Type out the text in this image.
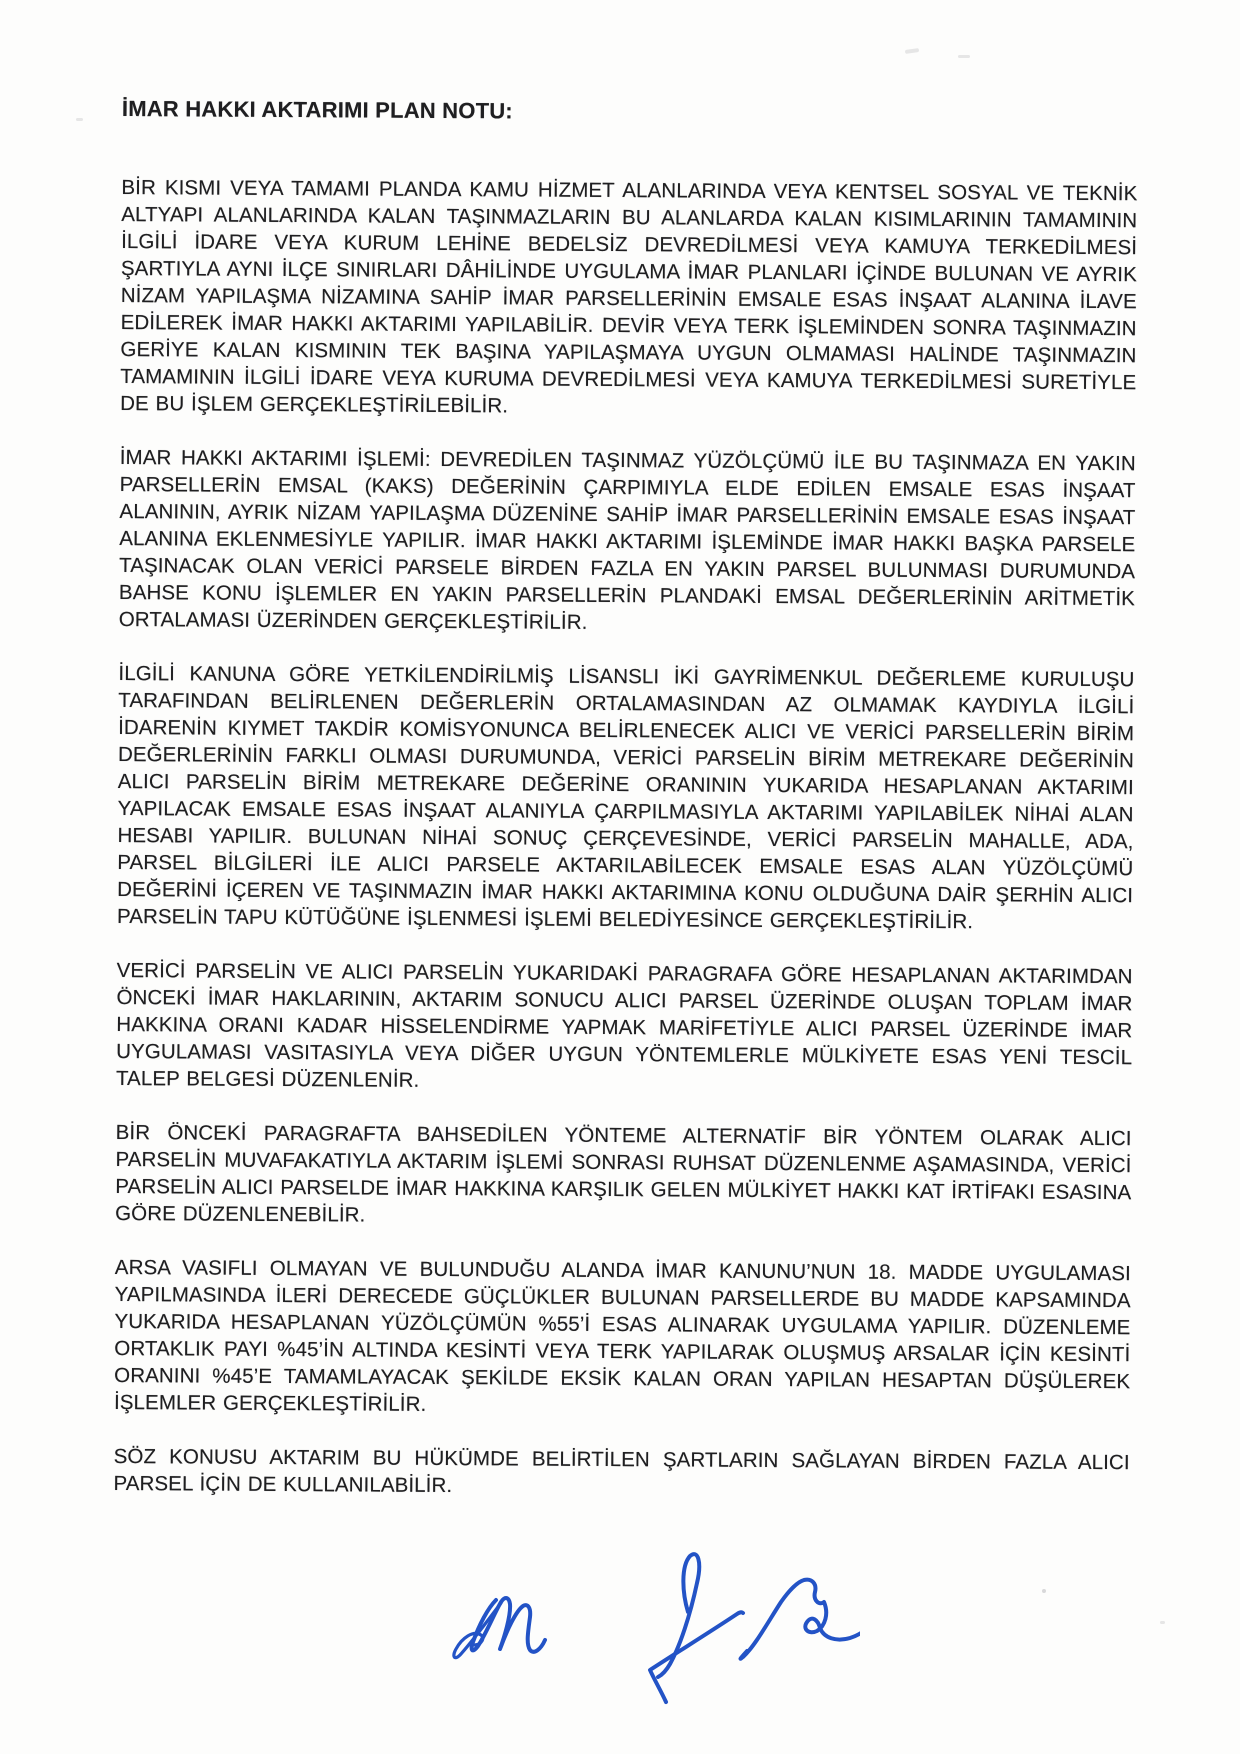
İMAR HAKKI AKTARIMI PLAN NOTU:

BİR KISMI VEYA TAMAMI PLANDA KAMU HİZMET ALANLARINDA VEYA KENTSEL SOSYAL VE TEKNİK ALTYAPI ALANLARINDA KALAN TAŞINMAZLARIN BU ALANLARDA KALAN KISIMLARININ TAMAMININ İLGİLİ İDARE VEYA KURUM LEHİNE BEDELSİZ DEVREDİLMESİ VEYA KAMUYA TERKEDİLMESİ ŞARTIYLA AYNI İLÇE SINIRLARI DÂHİLİNDE UYGULAMA İMAR PLANLARI İÇİNDE BULUNAN VE AYRIK NİZAM YAPILAŞMA NİZAMINA SAHİP İMAR PARSELLERİNİN EMSALE ESAS İNŞAAT ALANINA İLAVE EDİLEREK İMAR HAKKI AKTARIMI YAPILABİLİR. DEVİR VEYA TERK İŞLEMİNDEN SONRA TAŞINMAZIN GERİYE KALAN KISMININ TEK BAŞINA YAPILAŞMAYA UYGUN OLMAMASI HALİNDE TAŞINMAZIN TAMAMININ İLGİLİ İDARE VEYA KURUMA DEVREDİLMESİ VEYA KAMUYA TERKEDİLMESİ SURETİYLE DE BU İŞLEM GERÇEKLEŞTİRİLEBİLİR.

İMAR HAKKI AKTARIMI İŞLEMİ: DEVREDİLEN TAŞINMAZ YÜZÖLÇÜMÜ İLE BU TAŞINMAZA EN YAKIN PARSELLERİN EMSAL (KAKS) DEĞERİNİN ÇARPIMIYLA ELDE EDİLEN EMSALE ESAS İNŞAAT ALANININ, AYRIK NİZAM YAPILAŞMA DÜZENİNE SAHİP İMAR PARSELLERİNİN EMSALE ESAS İNŞAAT ALANINA EKLENMESİYLE YAPILIR. İMAR HAKKI AKTARIMI İŞLEMİNDE İMAR HAKKI BAŞKA PARSELE TAŞINACAK OLAN VERİCİ PARSELE BİRDEN FAZLA EN YAKIN PARSEL BULUNMASI DURUMUNDA BAHSE KONU İŞLEMLER EN YAKIN PARSELLERİN PLANDAKİ EMSAL DEĞERLERİNİN ARİTMETİK ORTALAMASI ÜZERİNDEN GERÇEKLEŞTİRİLİR.

İLGİLİ KANUNA GÖRE YETKİLENDİRİLMİŞ LİSANSLI İKİ GAYRİMENKUL DEĞERLEME KURULUŞU TARAFINDAN BELİRLENEN DEĞERLERİN ORTALAMASINDAN AZ OLMAMAK KAYDIYLA İLGİLİ İDARENİN KIYMET TAKDİR KOMİSYONUNCA BELİRLENECEK ALICI VE VERİCİ PARSELLERİN BİRİM DEĞERLERİNİN FARKLI OLMASI DURUMUNDA, VERİCİ PARSELİN BİRİM METREKARE DEĞERİNİN ALICI PARSELİN BİRİM METREKARE DEĞERİNE ORANININ YUKARIDA HESAPLANAN AKTARIMI YAPILACAK EMSALE ESAS İNŞAAT ALANIYLA ÇARPILMASIYLA AKTARIMI YAPILABİLEK NİHAİ ALAN HESABI YAPILIR. BULUNAN NİHAİ SONUÇ ÇERÇEVESİNDE, VERİCİ PARSELİN MAHALLE, ADA, PARSEL BİLGİLERİ İLE ALICI PARSELE AKTARILABİLECEK EMSALE ESAS ALAN YÜZÖLÇÜMÜ DEĞERİNİ İÇEREN VE TAŞINMAZIN İMAR HAKKI AKTARIMINA KONU OLDUĞUNA DAİR ŞERHİN ALICI PARSELİN TAPU KÜTÜĞÜNE İŞLENMESİ İŞLEMİ BELEDİYESİNCE GERÇEKLEŞTİRİLİR.

VERİCİ PARSELİN VE ALICI PARSELİN YUKARIDAKİ PARAGRAFA GÖRE HESAPLANAN AKTARIMDAN ÖNCEKİ İMAR HAKLARININ, AKTARIM SONUCU ALICI PARSEL ÜZERİNDE OLUŞAN TOPLAM İMAR HAKKINA ORANI KADAR HİSSELENDİRME YAPMAK MARİFETİYLE ALICI PARSEL ÜZERİNDE İMAR UYGULAMASI VASITASIYLA VEYA DİĞER UYGUN YÖNTEMLERLE MÜLKİYETE ESAS YENİ TESCİL TALEP BELGESİ DÜZENLENİR.

BİR ÖNCEKİ PARAGRAFTA BAHSEDİLEN YÖNTEME ALTERNATİF BİR YÖNTEM OLARAK ALICI PARSELİN MUVAFAKATIYLA AKTARIM İŞLEMİ SONRASI RUHSAT DÜZENLENME AŞAMASINDA, VERİCİ PARSELİN ALICI PARSELDE İMAR HAKKINA KARŞILIK GELEN MÜLKİYET HAKKI KAT İRTİFAKI ESASINA GÖRE DÜZENLENEBİLİR.

ARSA VASIFLI OLMAYAN VE BULUNDUĞU ALANDA İMAR KANUNU’NUN 18. MADDE UYGULAMASI YAPILMASINDA İLERİ DERECEDE GÜÇLÜKLER BULUNAN PARSELLERDE BU MADDE KAPSAMINDA YUKARIDA HESAPLANAN YÜZÖLÇÜMÜN %55’İ ESAS ALINARAK UYGULAMA YAPILIR. DÜZENLEME ORTAKLIK PAYI %45’İN ALTINDA KESİNTİ VEYA TERK YAPILARAK OLUŞMUŞ ARSALAR İÇİN KESİNTİ ORANINI %45’E TAMAMLAYACAK ŞEKİLDE EKSİK KALAN ORAN YAPILAN HESAPTAN DÜŞÜLEREK İŞLEMLER GERÇEKLEŞTİRİLİR.

SÖZ KONUSU AKTARIM BU HÜKÜMDE BELİRTİLEN ŞARTLARIN SAĞLAYAN BİRDEN FAZLA ALICI PARSEL İÇİN DE KULLANILABİLİR.
